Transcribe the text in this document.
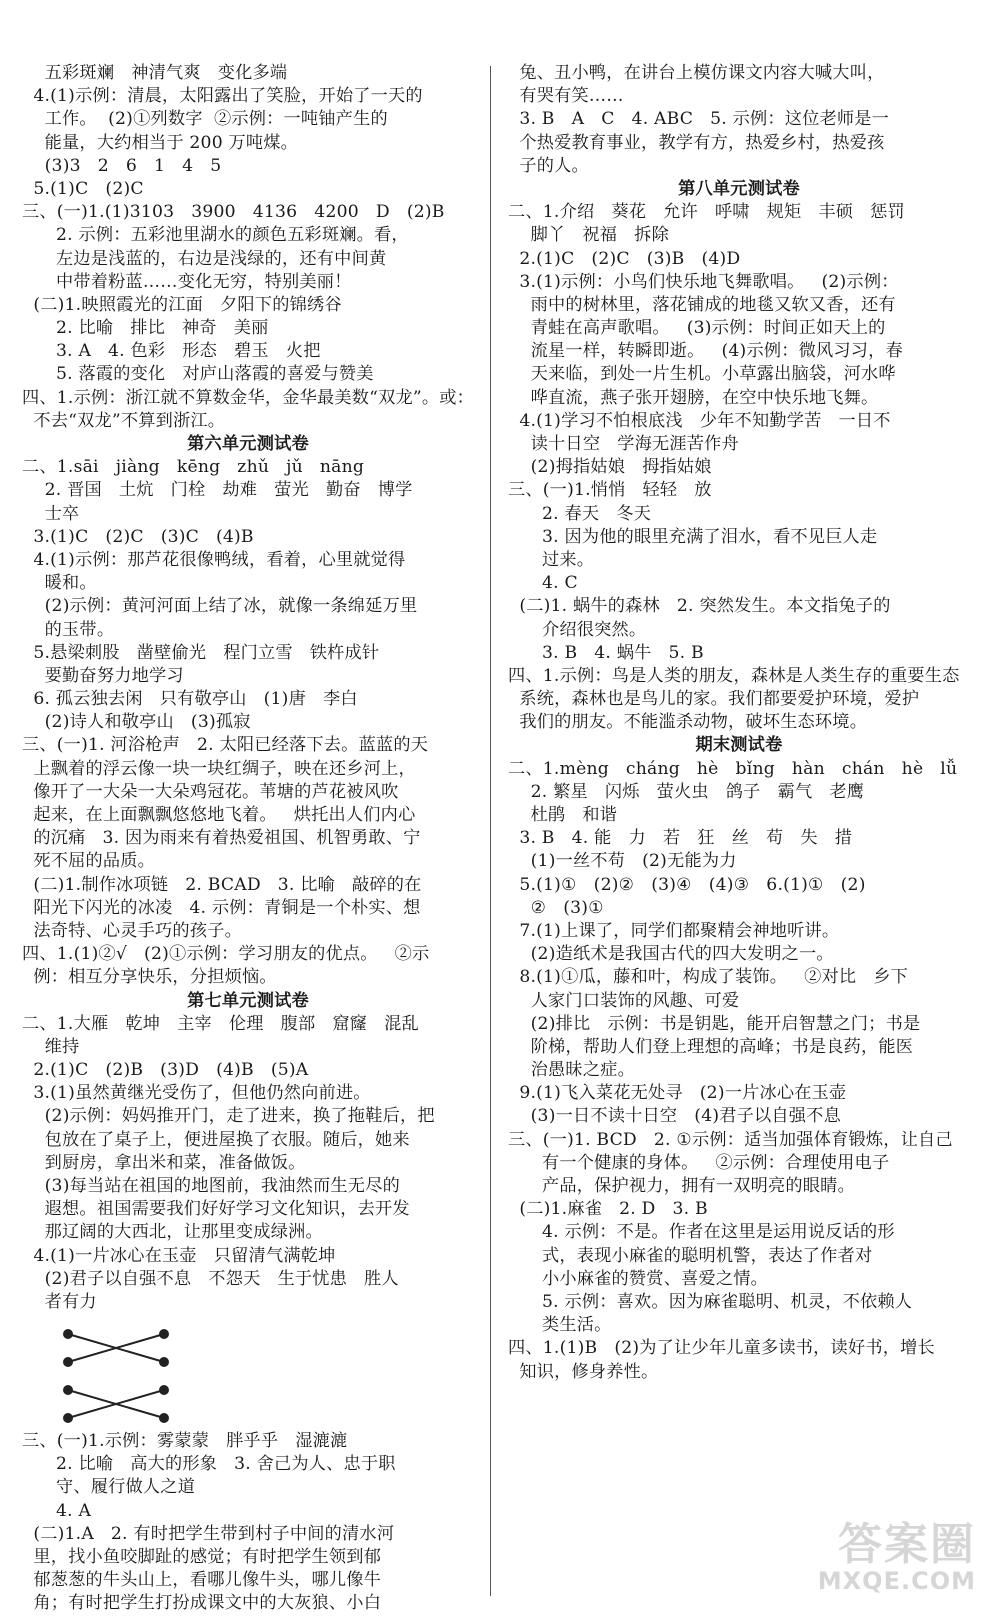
五彩斑斓   神清气爽   变化多端
4.(1)示例：清晨，太阳露出了笑脸，开始了一天的
工作。  (2)①列数字  ②示例：一吨铀产生的
能量，大约相当于 200 万吨煤。
(3)3   2   6   1   4   5
5.(1)C   (2)C
三、(一)1.(1)3103   3900   4136   4200   D   (2)B
2. 示例：五彩池里湖水的颜色五彩斑斓。看，
左边是浅蓝的，右边是浅绿的，还有中间黄
中带着粉蓝……变化无穷，特别美丽！
(二)1.映照霞光的江面   夕阳下的锦绣谷
2. 比喻   排比   神奇   美丽
3. A   4. 色彩   形态   碧玉   火把
5. 落霞的变化   对庐山落霞的喜爱与赞美
四、1.示例：浙江就不算数金华，金华最美数“双龙”。或：
不去“双龙”不算到浙江。
第六单元测试卷
二、1.sāi   jiàng   kēng   zhǔ   jǔ   nāng
2. 晋国   土炕   门栓   劫难   萤光   勤奋   博学
士卒
3.(1)C   (2)C   (3)C   (4)B
4.(1)示例：那芦花很像鸭绒，看着，心里就觉得
暖和。
(2)示例：黄河河面上结了冰，就像一条绵延万里
的玉带。
5.悬梁刺股   凿壁偷光   程门立雪   铁杵成针
要勤奋努力地学习
6. 孤云独去闲   只有敬亭山   (1)唐   李白
(2)诗人和敬亭山   (3)孤寂
三、(一)1. 河浴枪声   2. 太阳已经落下去。蓝蓝的天
上飘着的浮云像一块一块红绸子，映在还乡河上，
像开了一大朵一大朵鸡冠花。苇塘的芦花被风吹
起来，在上面飘飘悠悠地飞着。   烘托出人们内心
的沉痛   3. 因为雨来有着热爱祖国、机智勇敢、宁
死不屈的品质。
(二)1.制作冰项链   2. BCAD   3. 比喻   敲碎的在
阳光下闪光的冰凌   4. 示例：青铜是一个朴实、想
法奇特、心灵手巧的孩子。
四、1.(1)②√   (2)①示例：学习朋友的优点。   ②示
例：相互分享快乐，分担烦恼。
第七单元测试卷
二、1.大雁   乾坤   主宰   伦理   腹部   窟窿   混乱
维持
2.(1)C   (2)B   (3)D   (4)B   (5)A
3.(1)虽然黄继光受伤了，但他仍然向前进。
(2)示例：妈妈推开门，走了进来，换了拖鞋后，把
包放在了桌子上，便进屋换了衣服。随后，她来
到厨房，拿出米和菜，准备做饭。
(3)每当站在祖国的地图前，我油然而生无尽的
遐想。祖国需要我们好好学习文化知识，去开发
那辽阔的大西北，让那里变成绿洲。
4.(1)一片冰心在玉壶   只留清气满乾坤
(2)君子以自强不息   不怨天   生于忧患   胜人
者有力
三、(一)1.示例：雾蒙蒙   胖乎乎   湿漉漉
2. 比喻   高大的形象   3. 舍己为人、忠于职
守、履行做人之道
4. A
(二)1.A   2. 有时把学生带到村子中间的清水河
里，找小鱼咬脚趾的感觉；有时把学生领到郁
郁葱葱的牛头山上，看哪儿像牛头，哪儿像牛
角；有时把学生打扮成课文中的大灰狼、小白
兔、丑小鸭，在讲台上模仿课文内容大喊大叫，
有哭有笑……
3. B   A   C   4. ABC   5. 示例：这位老师是一
个热爱教育事业，教学有方，热爱乡村，热爱孩
子的人。
第八单元测试卷
二、1.介绍   葵花   允许   呼啸   规矩   丰硕   惩罚
脚丫   祝福   拆除
2.(1)C   (2)C   (3)B   (4)D
3.(1)示例：小鸟们快乐地飞舞歌唱。   (2)示例：
雨中的树林里，落花铺成的地毯又软又香，还有
青蛙在高声歌唱。   (3)示例：时间正如天上的
流星一样，转瞬即逝。   (4)示例：微风习习，春
天来临，到处一片生机。小草露出脑袋，河水哗
哗直流，燕子张开翅膀，在空中快乐地飞舞。
4.(1)学习不怕根底浅   少年不知勤学苦   一日不
读十日空   学海无涯苦作舟
(2)拇指姑娘   拇指姑娘
三、(一)1.悄悄   轻轻   放
2. 春天   冬天
3. 因为他的眼里充满了泪水，看不见巨人走
过来。
4. C
(二)1. 蜗牛的森林   2. 突然发生。本文指兔子的
介绍很突然。
3. B   4. 蜗牛   5. B
四、1.示例：鸟是人类的朋友，森林是人类生存的重要生态
系统，森林也是鸟儿的家。我们都要爱护环境，爱护
我们的朋友。不能滥杀动物，破坏生态环境。
期末测试卷
二、1.mèng   cháng   hè   bǐng   hàn   chán   hè   lǚ
2. 繁星   闪烁   萤火虫   鸽子   霸气   老鹰
杜鹃   和谐
3. B   4. 能   力   若   狂   丝   苟   失   措
(1)一丝不苟   (2)无能为力
5.(1)①   (2)②   (3)④   (4)③   6.(1)①   (2)
②   (3)①
7.(1)上课了，同学们都聚精会神地听讲。
(2)造纸术是我国古代的四大发明之一。
8.(1)①瓜，藤和叶，构成了装饰。   ②对比   乡下
人家门口装饰的风趣、可爱
(2)排比   示例：书是钥匙，能开启智慧之门；书是
阶梯，帮助人们登上理想的高峰；书是良药，能医
治愚昧之症。
9.(1)飞入菜花无处寻   (2)一片冰心在玉壶
(3)一日不读十日空   (4)君子以自强不息
三、(一)1. BCD   2. ①示例：适当加强体育锻炼，让自己
有一个健康的身体。   ②示例：合理使用电子
产品，保护视力，拥有一双明亮的眼睛。
(二)1.麻雀   2. D   3. B
4. 示例：不是。作者在这里是运用说反话的形
式，表现小麻雀的聪明机警，表达了作者对
小小麻雀的赞赏、喜爱之情。
5. 示例：喜欢。因为麻雀聪明、机灵，不依赖人
类生活。
四、1.(1)B   (2)为了让少年儿童多读书，读好书，增长
知识，修身养性。
答案圈
MXQE.COM
